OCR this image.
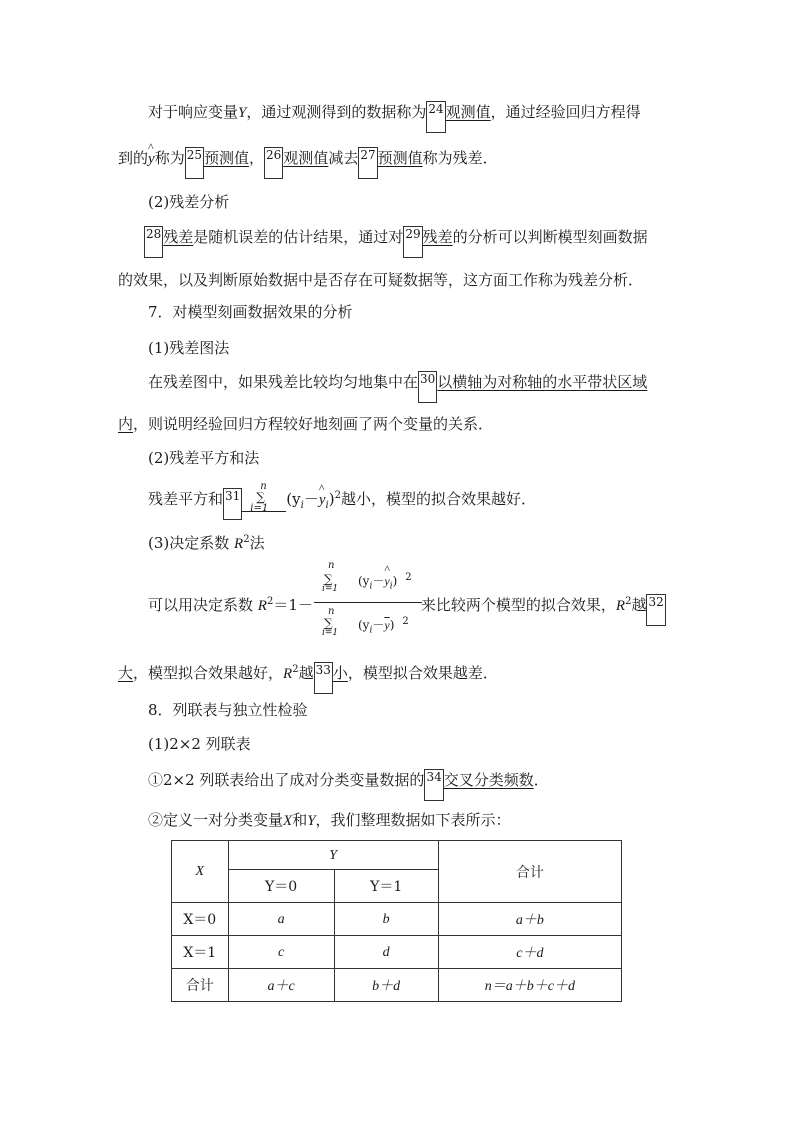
对于响应变量Y，通过观测得到的数据称为 24 观测值，通过经验回归方程得
到的^ y称为 25 预测值， 26 观测值减去 27 预测值称为残差．
(2)残差分析
28 残差是随机误差的估计结果，通过对 29 残差的分析可以判断模型刻画数据
的效果，以及判断原始数据中是否存在可疑数据等，这方面工作称为残差分析．
7．对模型刻画数据效果的分析
(1)残差图法
在残差图中，如果残差比较均匀地集中在 30 以横轴为对称轴的水平带状区域
内，则说明经验回归方程较好地刻画了两个变量的关系．
(2)残差平方和法
残差平方和 31
n
∑
i=1
($y_i-\^{}$ $y_i)^2$越小，模型的拟合效果越好．
(3)决定系数 $R^2$法
可以用决定系数 $R^2=1-$	来比较两个模型的拟合效果，$R^2$越 32
n
∑
i=1
($y_i-\^{}$ $y_i$) $^2$
n
∑
i=1
$(y_i-\overline{y})$ $^2$
大，模型拟合效果越好，$R^2$越 33 小，模型拟合效果越差．
8．列联表与独立性检验
(1)2×2 列联表
①2×2 列联表给出了成对分类变量数据的 34 交叉分类频数．
②定义一对分类变量X和Y，我们整理数据如下表所示：
X	Y		合计
	Y＝0	Y＝1	
X＝0	a	b	a＋b
X＝1	c	d	c＋d
合计	a＋c	b＋d	n＝a＋b＋c＋d
